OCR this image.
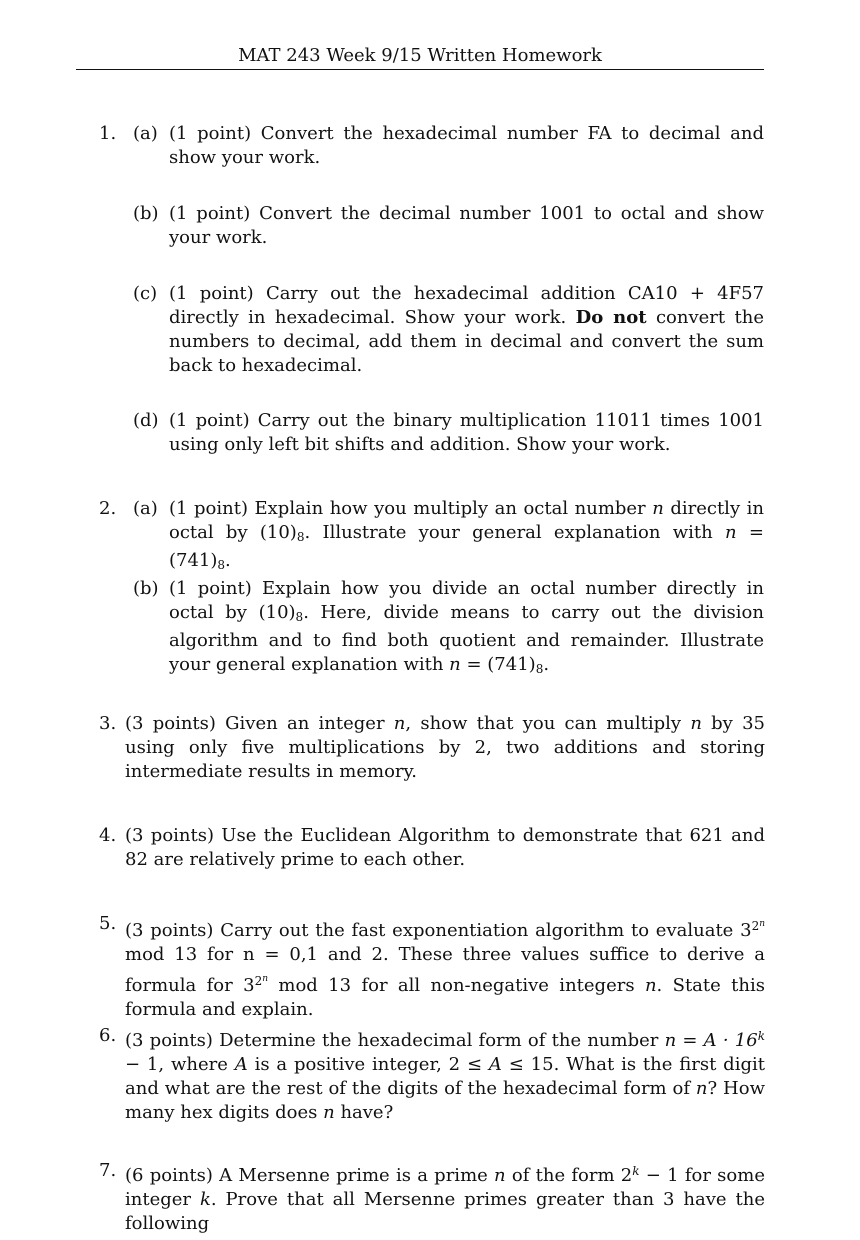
MAT 243 Week 9/15 Written Homework
1. (a) (1 point) Convert the hexadecimal number FA to decimal and show your work.
(b) (1 point) Convert the decimal number 1001 to octal and show your work.
(c) (1 point) Carry out the hexadecimal addition CA10 + 4F57 directly in hexadecimal. Show your work. Do not convert the numbers to decimal, add them in decimal and convert the sum back to hexadecimal.
(d) (1 point) Carry out the binary multiplication 11011 times 1001 using only left bit shifts and addition. Show your work.
2. (a) (1 point) Explain how you multiply an octal number n directly in octal by $(10)_8$. Illustrate your general explanation with $n = (741)_8$.
(b) (1 point) Explain how you divide an octal number directly in octal by $(10)_8$. Here, divide means to carry out the division algorithm and to find both quotient and remainder. Illustrate your general explanation with $n = (741)_8$.
3. (3 points) Given an integer n, show that you can multiply n by 35 using only five multiplications by 2, two additions and storing intermediate results in memory.
4. (3 points) Use the Euclidean Algorithm to demonstrate that 621 and 82 are relatively prime to each other.
5. (3 points) Carry out the fast exponentiation algorithm to evaluate $3^{2^n}$ mod 13 for n = 0,1 and 2. These three values suffice to derive a formula for $3^{2^n}$ mod 13 for all non-negative integers n. State this formula and explain.
6. (3 points) Determine the hexadecimal form of the number $n = A \cdot 16^k - 1$, where A is a positive integer, 2 ≤ A ≤ 15. What is the first digit and what are the rest of the digits of the hexadecimal form of n? How many hex digits does n have?
7. (6 points) A Mersenne prime is a prime n of the form $2^k - 1$ for some integer k. Prove that all Mersenne primes greater than 3 have the following
